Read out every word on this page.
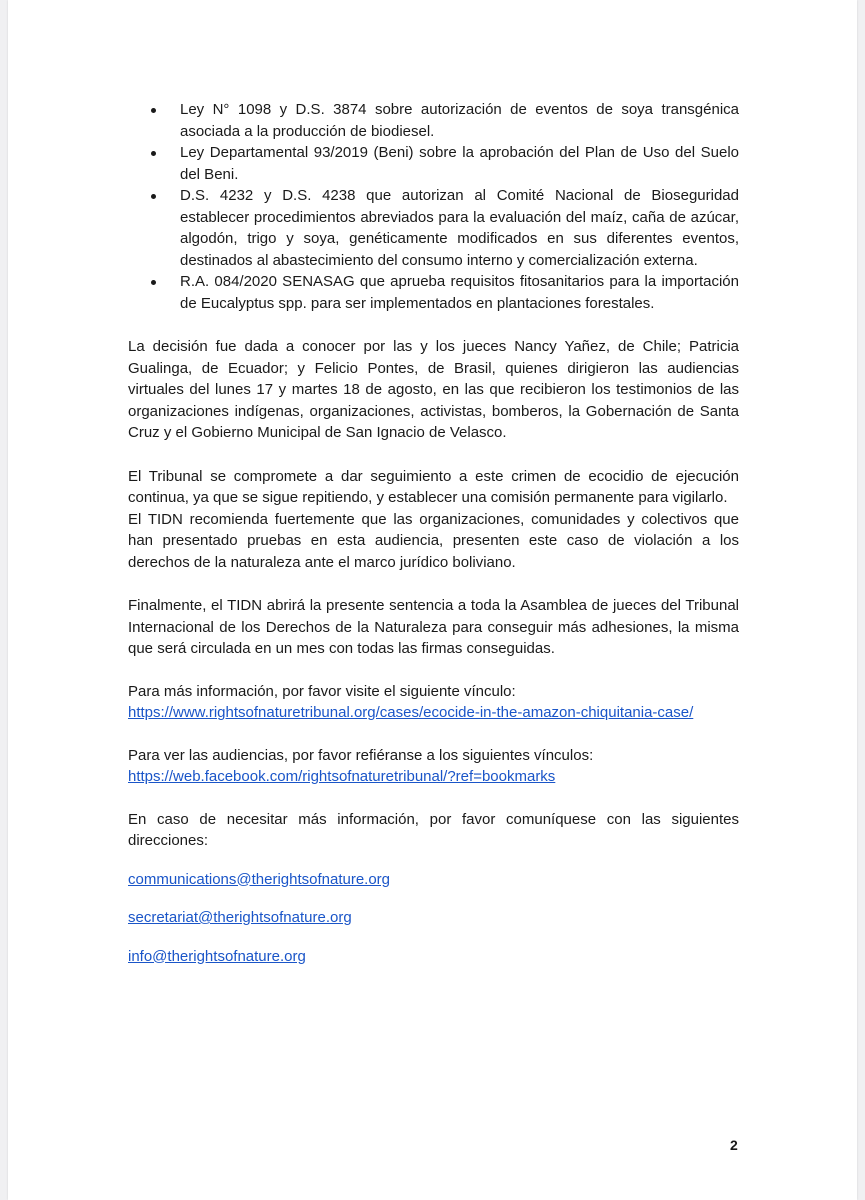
Ley N° 1098 y D.S. 3874 sobre autorización de eventos de soya transgénica asociada a la producción de biodiesel.
Ley Departamental 93/2019 (Beni) sobre la aprobación del Plan de Uso del Suelo del Beni.
D.S. 4232 y D.S. 4238 que autorizan al Comité Nacional de Bioseguridad establecer procedimientos abreviados para la evaluación del maíz, caña de azúcar, algodón, trigo y soya, genéticamente modificados en sus diferentes eventos, destinados al abastecimiento del consumo interno y comercialización externa.
R.A. 084/2020 SENASAG que aprueba requisitos fitosanitarios para la importación de Eucalyptus spp. para ser implementados en plantaciones forestales.

La decisión fue dada a conocer por las y los jueces Nancy Yañez, de Chile; Patricia Gualinga, de Ecuador; y Felicio Pontes, de Brasil, quienes dirigieron las audiencias virtuales del lunes 17 y martes 18 de agosto, en las que recibieron los testimonios de las organizaciones indígenas, organizaciones, activistas, bomberos, la Gobernación de Santa Cruz y el Gobierno Municipal de San Ignacio de Velasco.

El Tribunal se compromete a dar seguimiento a este crimen de ecocidio de ejecución continua, ya que se sigue repitiendo, y establecer una comisión permanente para vigilarlo.

El TIDN recomienda fuertemente que las organizaciones, comunidades y colectivos que han presentado pruebas en esta audiencia, presenten este caso de violación a los derechos de la naturaleza ante el marco jurídico boliviano.

Finalmente, el TIDN abrirá la presente sentencia a toda la Asamblea de jueces del Tribunal Internacional de los Derechos de la Naturaleza para conseguir más adhesiones, la misma que será circulada en un mes con todas las firmas conseguidas.

Para más información, por favor visite el siguiente vínculo:

https://www.rightsofnaturetribunal.org/cases/ecocide-in-the-amazon-chiquitania-case/

Para ver las audiencias, por favor refiéranse a los siguientes vínculos:

https://web.facebook.com/rightsofnaturetribunal/?ref=bookmarks

En caso de necesitar más información, por favor comuníquese con las siguientes direcciones:

communications@therightsofnature.org
secretariat@therightsofnature.org
info@therightsofnature.org
2
